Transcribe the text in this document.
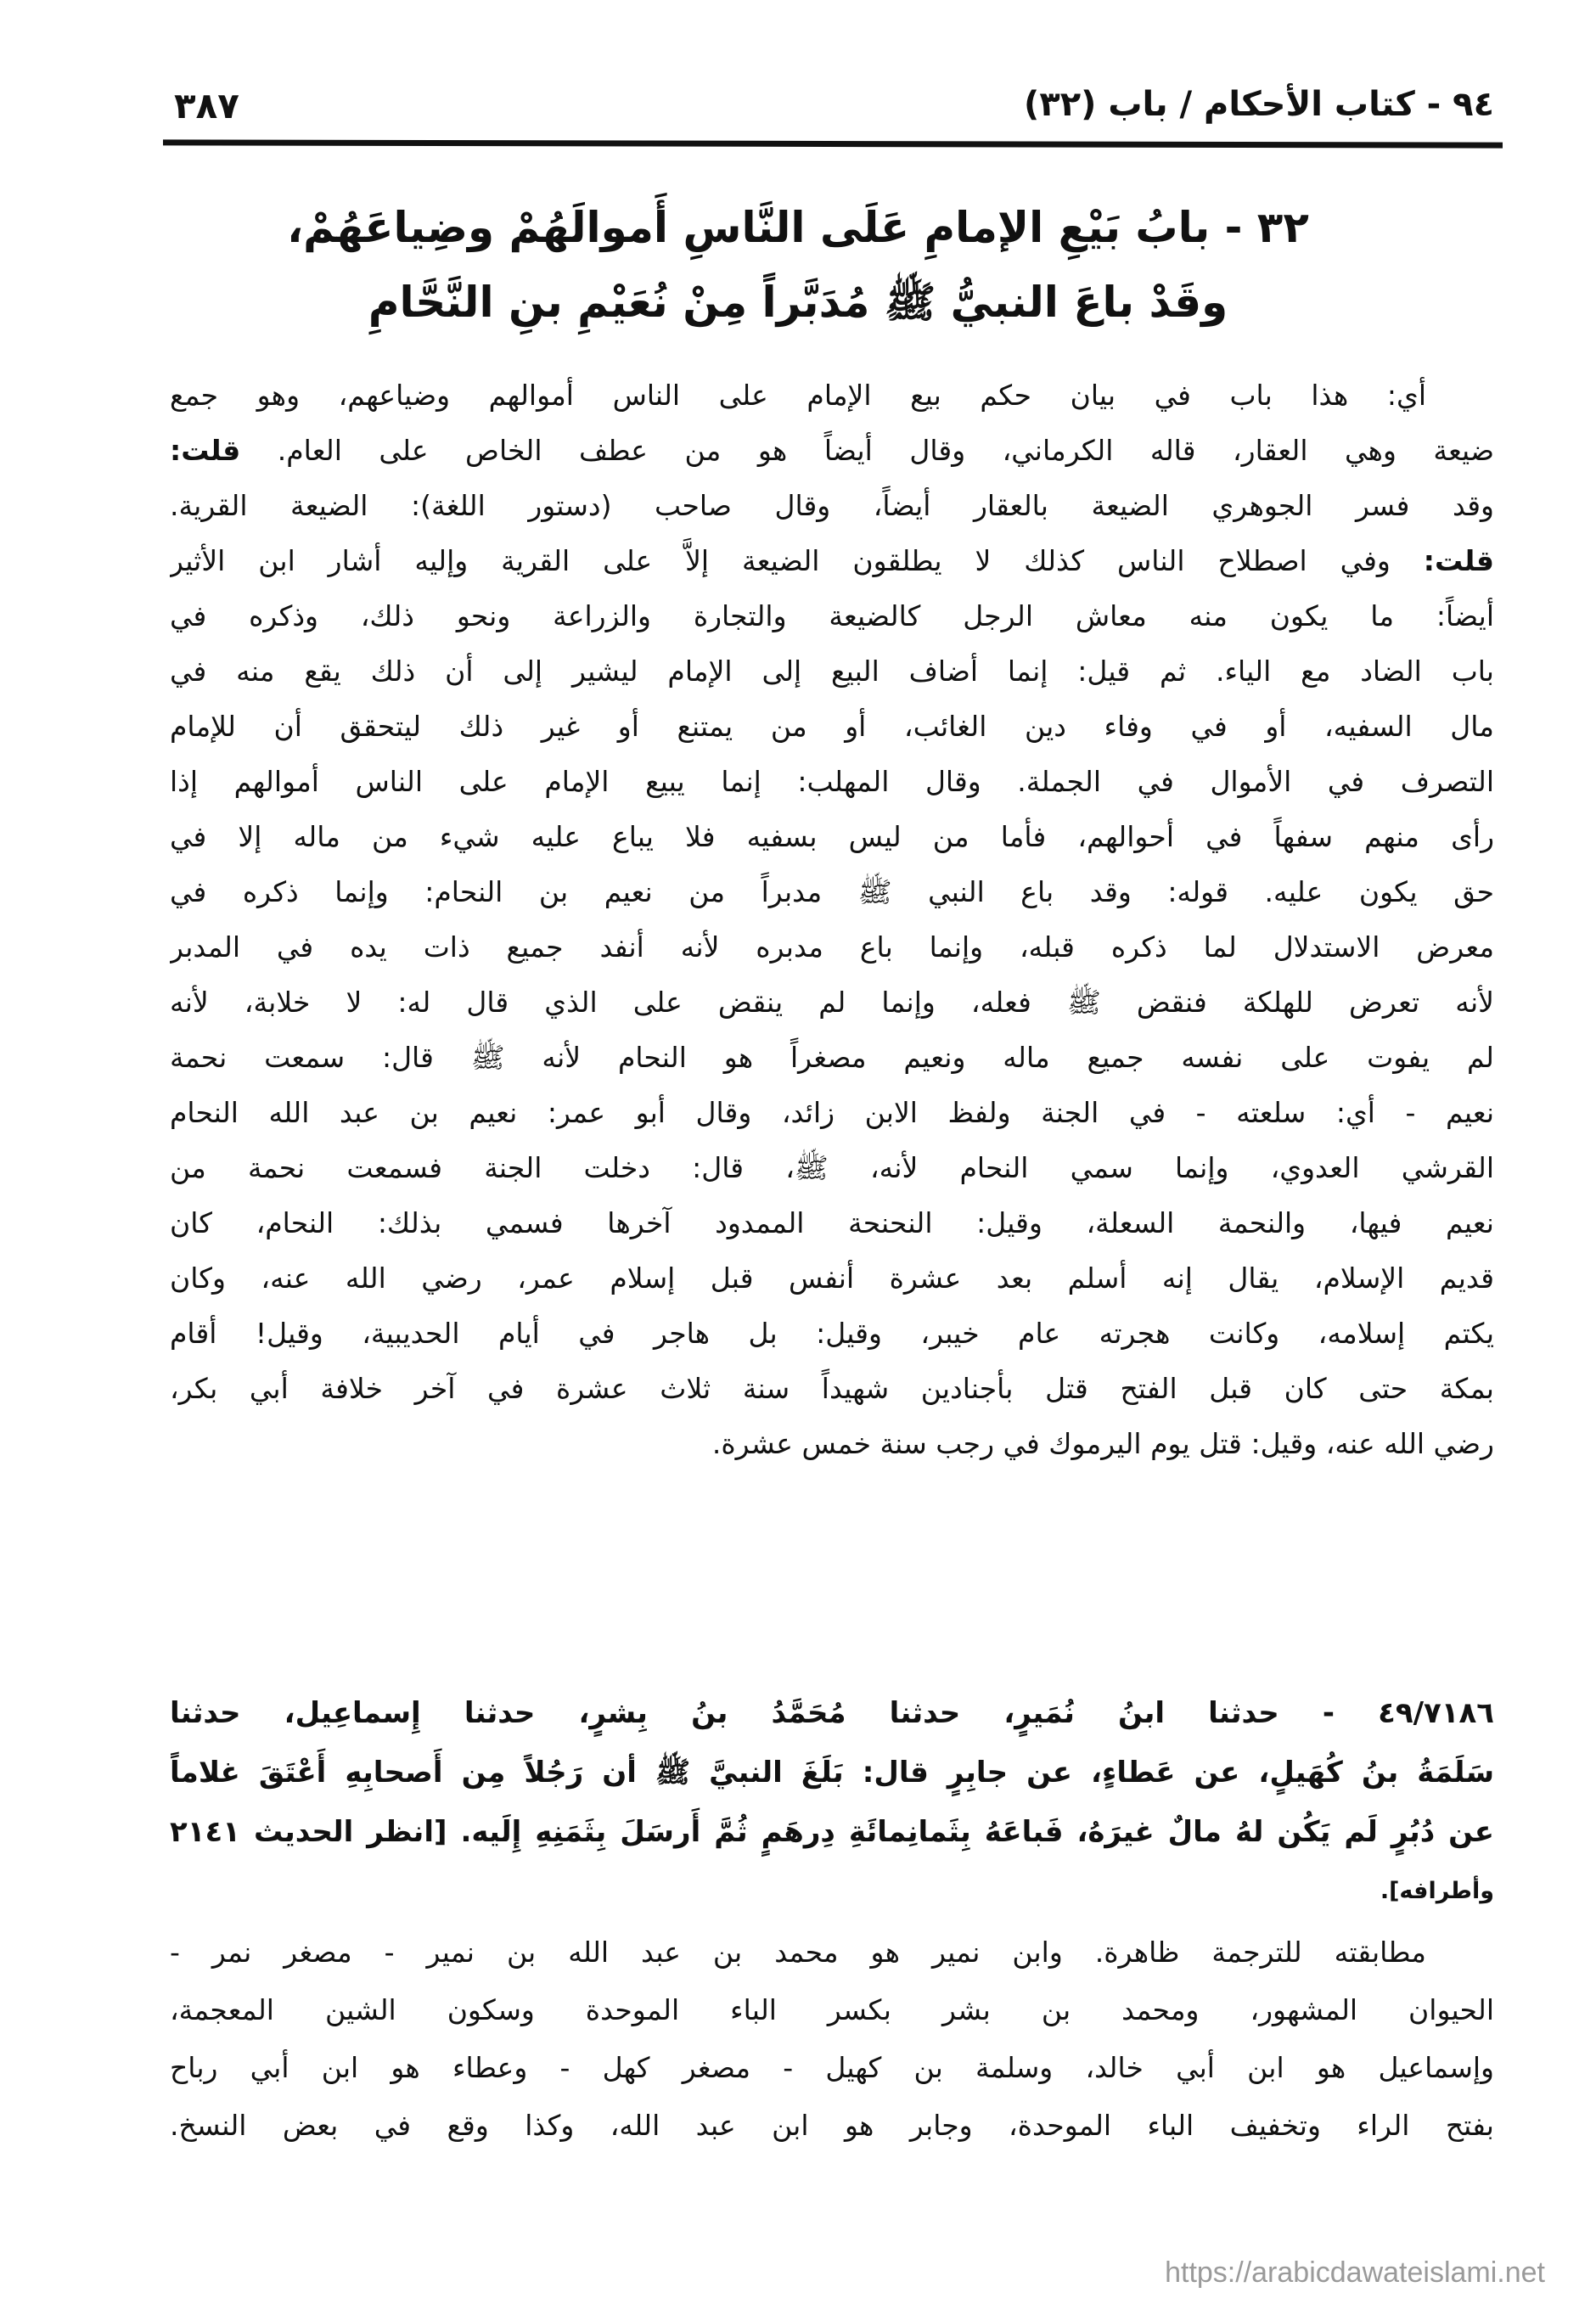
٩٤ - كتاب الأحكام / باب (٣٢)
٣٨٧
٣٢ - بابُ بَيْعِ الإمامِ عَلَى النَّاسِ أَموالَهُمْ وضِياعَهُمْ،
وقَدْ باعَ النبيُّ ﷺ مُدَبَّراً مِنْ نُعَيْمِ بنِ النَّحَّامِ
أي: هذا باب في بيان حكم بيع الإمام على الناس أموالهم وضياعهم، وهو جمع
ضيعة وهي العقار، قاله الكرماني، وقال أيضاً هو من عطف الخاص على العام. قلت:
وقد فسر الجوهري الضيعة بالعقار أيضاً، وقال صاحب (دستور اللغة): الضيعة القرية.
قلت: وفي اصطلاح الناس كذلك لا يطلقون الضيعة إلاَّ على القرية وإليه أشار ابن الأثير
أيضاً: ما يكون منه معاش الرجل كالضيعة والتجارة والزراعة ونحو ذلك، وذكره في
باب الضاد مع الياء. ثم قيل: إنما أضاف البيع إلى الإمام ليشير إلى أن ذلك يقع منه في
مال السفيه، أو في وفاء دين الغائب، أو من يمتنع أو غير ذلك ليتحقق أن للإمام
التصرف في الأموال في الجملة. وقال المهلب: إنما يبيع الإمام على الناس أموالهم إذا
رأى منهم سفهاً في أحوالهم، فأما من ليس بسفيه فلا يباع عليه شيء من ماله إلا في
حق يكون عليه. قوله: وقد باع النبي ﷺ مدبراً من نعيم بن النحام: وإنما ذكره في
معرض الاستدلال لما ذكره قبله، وإنما باع مدبره لأنه أنفد جميع ذات يده في المدبر
لأنه تعرض للهلكة فنقض ﷺ فعله، وإنما لم ينقض على الذي قال له: لا خلابة، لأنه
لم يفوت على نفسه جميع ماله ونعيم مصغراً هو النحام لأنه ﷺ قال: سمعت نحمة
نعيم - أي: سلعته - في الجنة ولفظ الابن زائد، وقال أبو عمر: نعيم بن عبد الله النحام
القرشي العدوي، وإنما سمي النحام لأنه، ﷺ، قال: دخلت الجنة فسمعت نحمة من
نعيم فيها، والنحمة السعلة، وقيل: النحنحة الممدود آخرها فسمي بذلك: النحام، كان
قديم الإسلام، يقال إنه أسلم بعد عشرة أنفس قبل إسلام عمر، رضي الله عنه، وكان
يكتم إسلامه، وكانت هجرته عام خيبر، وقيل: بل هاجر في أيام الحديبية، وقيل! أقام
بمكة حتى كان قبل الفتح قتل بأجنادين شهيداً سنة ثلاث عشرة في آخر خلافة أبي بكر،
رضي الله عنه، وقيل: قتل يوم اليرموك في رجب سنة خمس عشرة.
٤٩/٧١٨٦ - حدثنا ابنُ نُمَيرٍ، حدثنا مُحَمَّدُ بنُ بِشرٍ، حدثنا إِسماعِيل، حدثنا
سَلَمَةُ بنُ كُهَيلٍ، عن عَطاءٍ، عن جابِرٍ قال: بَلَغَ النبيَّ ﷺ أن رَجُلاً مِن أَصحابِهِ أَعْتَقَ غلاماً
عن دُبُرٍ لَم يَكُن لهُ مالٌ غيرَهُ، فَباعَهُ بِثَمانِمائَةِ دِرهَمٍ ثُمَّ أَرسَلَ بِثَمَنِهِ إِلَيه. [انظر الحديث ٢١٤١
وأطرافه].
مطابقته للترجمة ظاهرة. وابن نمير هو محمد بن عبد الله بن نمير - مصغر نمر -
الحيوان المشهور، ومحمد بن بشر بكسر الباء الموحدة وسكون الشين المعجمة،
وإسماعيل هو ابن أبي خالد، وسلمة بن كهيل - مصغر كهل - وعطاء هو ابن أبي رباح
بفتح الراء وتخفيف الباء الموحدة، وجابر هو ابن عبد الله، وكذا وقع في بعض النسخ.
https://arabicdawateislami.net
